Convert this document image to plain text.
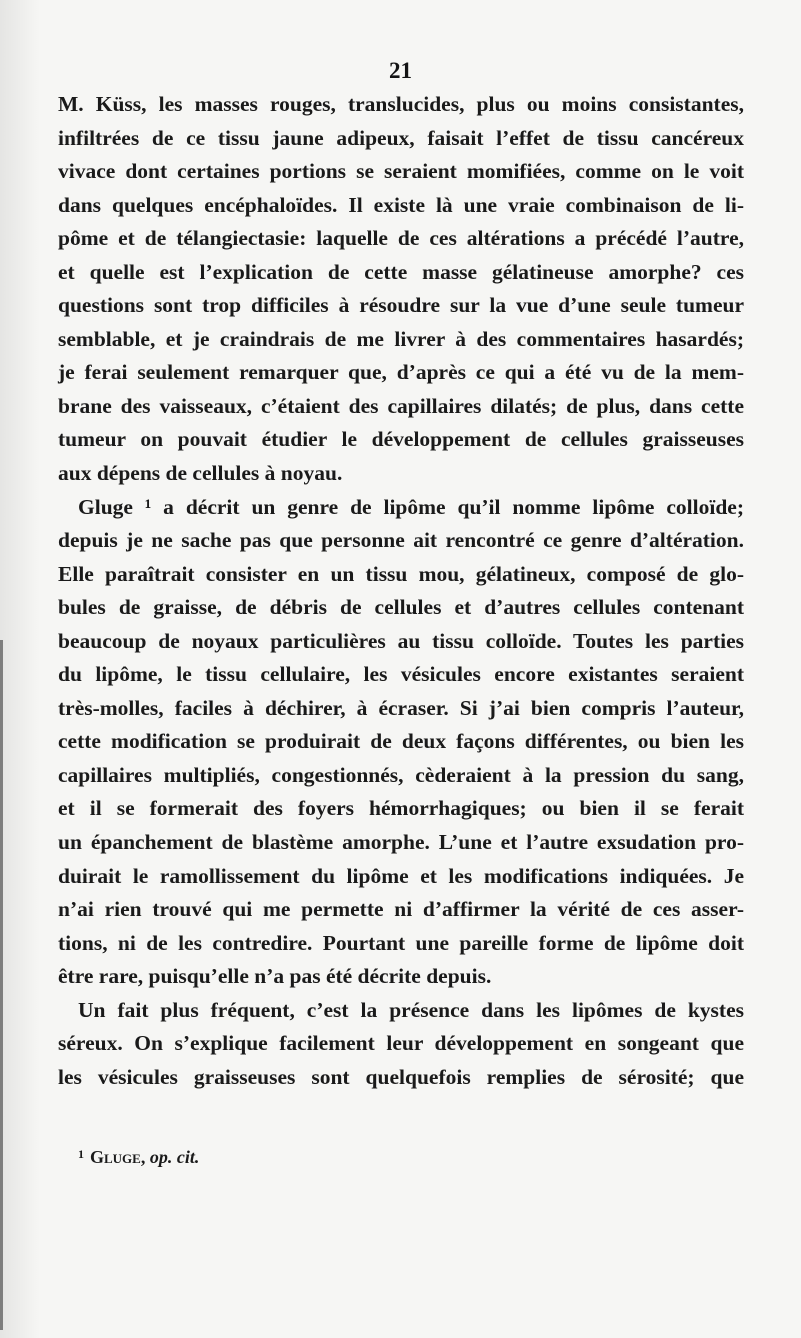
21
M. Küss, les masses rouges, translucides, plus ou moins consistantes,
infiltrées de ce tissu jaune adipeux, faisait l’effet de tissu cancéreux
vivace dont certaines portions se seraient momifiées, comme on le voit
dans quelques encéphaloïdes. Il existe là une vraie combinaison de li-
pôme et de télangiectasie: laquelle de ces altérations a précédé l’autre,
et quelle est l’explication de cette masse gélatineuse amorphe? ces
questions sont trop difficiles à résoudre sur la vue d’une seule tumeur
semblable, et je craindrais de me livrer à des commentaires hasardés;
je ferai seulement remarquer que, d’après ce qui a été vu de la mem-
brane des vaisseaux, c’étaient des capillaires dilatés; de plus, dans cette
tumeur on pouvait étudier le développement de cellules graisseuses
aux dépens de cellules à noyau.
Gluge ¹ a décrit un genre de lipôme qu’il nomme lipôme colloïde;
depuis je ne sache pas que personne ait rencontré ce genre d’altération.
Elle paraîtrait consister en un tissu mou, gélatineux, composé de glo-
bules de graisse, de débris de cellules et d’autres cellules contenant
beaucoup de noyaux particulières au tissu colloïde. Toutes les parties
du lipôme, le tissu cellulaire, les vésicules encore existantes seraient
très-molles, faciles à déchirer, à écraser. Si j’ai bien compris l’auteur,
cette modification se produirait de deux façons différentes, ou bien les
capillaires multipliés, congestionnés, cèderaient à la pression du sang,
et il se formerait des foyers hémorrhagiques; ou bien il se ferait
un épanchement de blastème amorphe. L’une et l’autre exsudation pro-
duirait le ramollissement du lipôme et les modifications indiquées. Je
n’ai rien trouvé qui me permette ni d’affirmer la vérité de ces asser-
tions, ni de les contredire. Pourtant une pareille forme de lipôme doit
être rare, puisqu’elle n’a pas été décrite depuis.
Un fait plus fréquent, c’est la présence dans les lipômes de kystes
séreux. On s’explique facilement leur développement en songeant que
les vésicules graisseuses sont quelquefois remplies de sérosité; que
$^1$ Gluge, op. cit.
